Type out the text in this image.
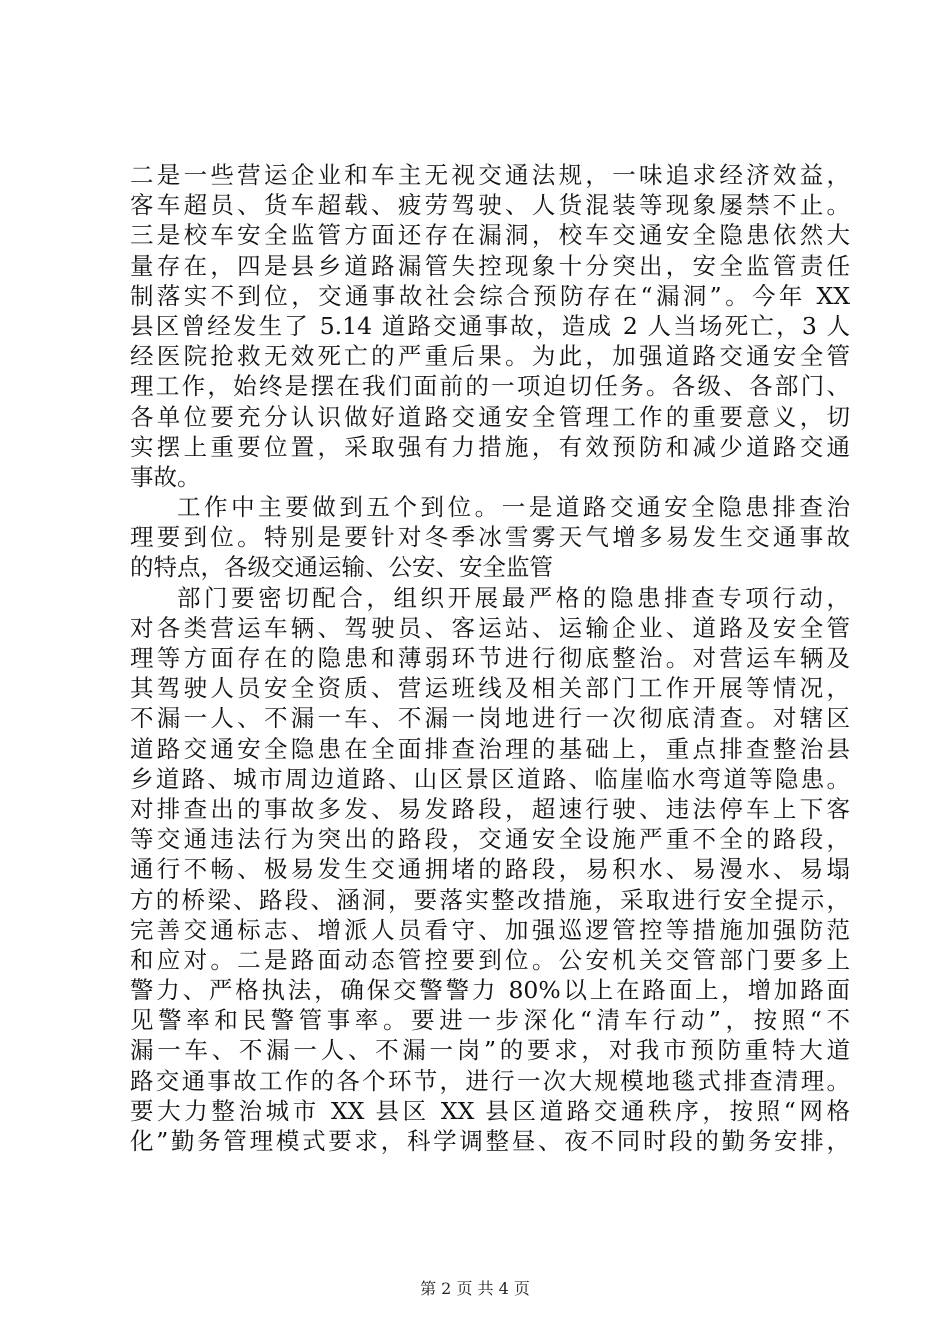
二是一些营运企业和车主无视交通法规，一味追求经济效益，
客车超员、货车超载、疲劳驾驶、人货混装等现象屡禁不止。
三是校车安全监管方面还存在漏洞，校车交通安全隐患依然大
量存在，四是县乡道路漏管失控现象十分突出，安全监管责任
制落实不到位，交通事故社会综合预防存在“漏洞”。今年 XX
县区曾经发生了 5.14 道路交通事故，造成 2 人当场死亡，3 人
经医院抢救无效死亡的严重后果。为此，加强道路交通安全管
理工作，始终是摆在我们面前的一项迫切任务。各级、各部门、
各单位要充分认识做好道路交通安全管理工作的重要意义，切
实摆上重要位置，采取强有力措施，有效预防和减少道路交通
事故。
工作中主要做到五个到位。一是道路交通安全隐患排查治
理要到位。特别是要针对冬季冰雪雾天气增多易发生交通事故
的特点，各级交通运输、公安、安全监管
部门要密切配合，组织开展最严格的隐患排查专项行动，
对各类营运车辆、驾驶员、客运站、运输企业、道路及安全管
理等方面存在的隐患和薄弱环节进行彻底整治。对营运车辆及
其驾驶人员安全资质、营运班线及相关部门工作开展等情况，
不漏一人、不漏一车、不漏一岗地进行一次彻底清查。对辖区
道路交通安全隐患在全面排查治理的基础上，重点排查整治县
乡道路、城市周边道路、山区景区道路、临崖临水弯道等隐患。
对排查出的事故多发、易发路段，超速行驶、违法停车上下客
等交通违法行为突出的路段，交通安全设施严重不全的路段，
通行不畅、极易发生交通拥堵的路段，易积水、易漫水、易塌
方的桥梁、路段、涵洞，要落实整改措施，采取进行安全提示，
完善交通标志、增派人员看守、加强巡逻管控等措施加强防范
和应对。二是路面动态管控要到位。公安机关交管部门要多上
警力、严格执法，确保交警警力 80%以上在路面上，增加路面
见警率和民警管事率。要进一步深化“清车行动”，按照“不
漏一车、不漏一人、不漏一岗”的要求，对我市预防重特大道
路交通事故工作的各个环节，进行一次大规模地毯式排查清理。
要大力整治城市 XX 县区 XX 县区道路交通秩序，按照“网格
化”勤务管理模式要求，科学调整昼、夜不同时段的勤务安排，
第 2 页 共 4 页
